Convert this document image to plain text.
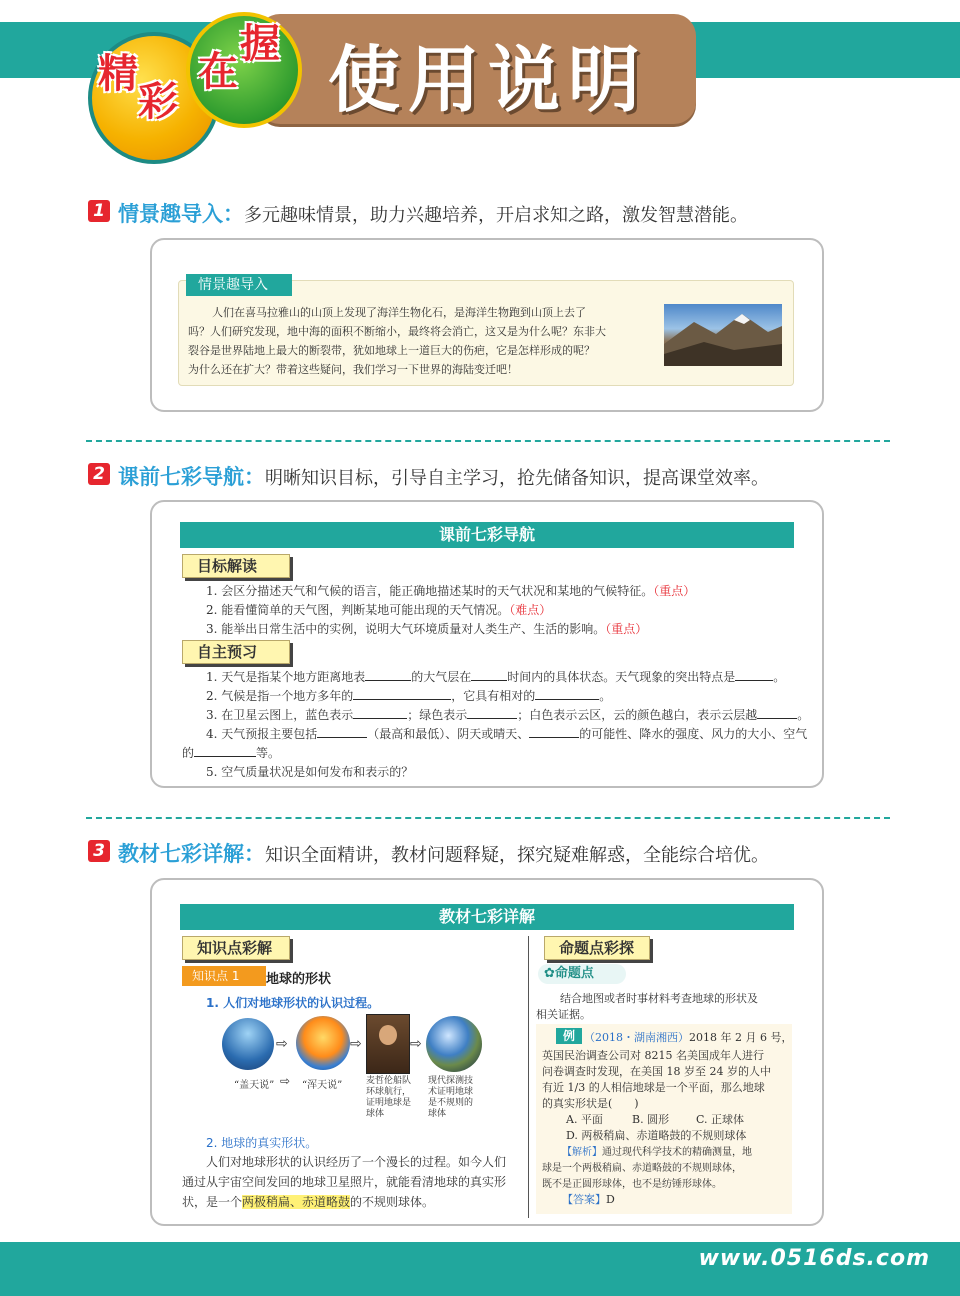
使用说明
精
彩
在
握
1 情景趣导入：多元趣味情景，助力兴趣培养，开启求知之路，激发智慧潜能。
情景趣导入
人们在喜马拉雅山的山顶上发现了海洋生物化石，是海洋生物跑到山顶上去了
吗？人们研究发现，地中海的面积不断缩小，最终将会消亡，这又是为什么呢？东非大
裂谷是世界陆地上最大的断裂带，犹如地球上一道巨大的伤疤，它是怎样形成的呢？
为什么还在扩大？带着这些疑问，我们学习一下世界的海陆变迁吧！
2 课前七彩导航：明晰知识目标，引导自主学习，抢先储备知识，提高课堂效率。
课前七彩导航
目标解读
1. 会区分描述天气和气候的语言，能正确地描述某时的天气状况和某地的气候特征。（重点）
2. 能看懂简单的天气图，判断某地可能出现的天气情况。（难点）
3. 能举出日常生活中的实例，说明大气环境质量对人类生产、生活的影响。（重点）
自主预习
1. 天气是指某个地方距离地表	的大气层在	时间内的具体状态。天气现象的突出特点是	。
2. 气候是指一个地方多年的	，它具有相对的	。
3. 在卫星云图上，蓝色表示	；绿色表示	；白色表示云区，云的颜色越白，表示云层越	。
4. 天气预报主要包括	（最高和最低）、阴天或晴天、	的可能性、降水的强度、风力的大小、空气
的	等。
5. 空气质量状况是如何发布和表示的？
3 教材七彩详解：知识全面精讲，教材问题释疑，探究疑难解惑，全能综合培优。
教材七彩详解
知识点彩解
知识点 1	地球的形状
1. 人们对地球形状的认识过程。
⇨	⇨	⇨
“盖天说” ⇨ “浑天说”	麦哲伦船队环球航行，证明地球是球体
现代探测技术证明地球是不规则的球体
2. 地球的真实形状。
人们对地球形状的认识经历了一个漫长的过程。如今人们
通过从宇宙空间发回的地球卫星照片，就能看清地球的真实形
状，是一个两极稍扁、赤道略鼓的不规则球体。
命题点彩探
✿命题点
结合地图或者时事材料考查地球的形状及
相关证据。
例 （2018・湖南湘西）2018 年 2 月 6 号，
英国民治调查公司对 8215 名美国成年人进行
问卷调查时发现，在美国 18 岁至 24 岁的人中
有近 1/3 的人相信地球是一个平面，那么地球
的真实形状是(　　)
A. 平面	B. 圆形 C. 正球体
D. 两极稍扁、赤道略鼓的不规则球体
【解析】通过现代科学技术的精确测量，地
球是一个两极稍扁、赤道略鼓的不规则球体，
既不是正圆形球体，也不是纺锤形球体。
【答案】D
www.0516ds.com
